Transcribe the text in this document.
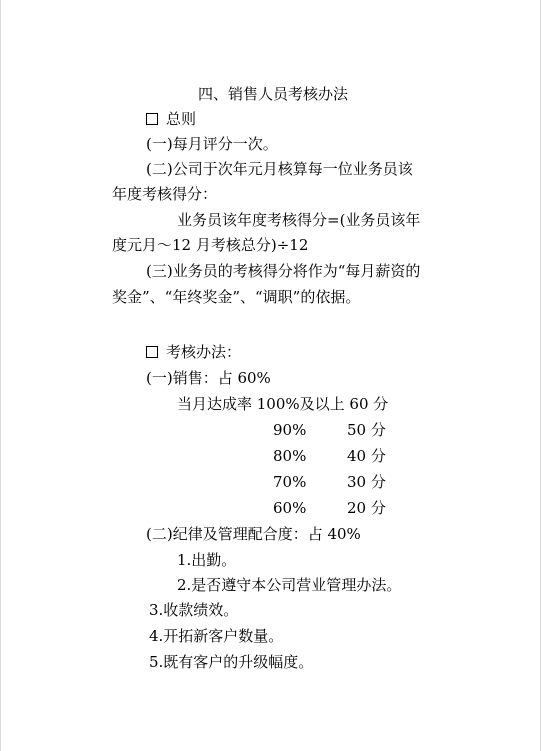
四、销售人员考核办法
总则
(一)每月评分一次。
(二)公司于次年元月核算每一位业务员该
年度考核得分：
业务员该年度考核得分=(业务员该年
度元月～12 月考核总分)÷12
(三)业务员的考核得分将作为“每月薪资的
奖金”、“年终奖金”、“调职”的依据。
考核办法：
(一)销售：占 60%
当月达成率 100%及以上 60 分
90%	50 分
80%	40 分
70%	30 分
60%	20 分
(二)纪律及管理配合度：占 40%
1.出勤。
2.是否遵守本公司营业管理办法。
3.收款绩效。
4.开拓新客户数量。
5.既有客户的升级幅度。
